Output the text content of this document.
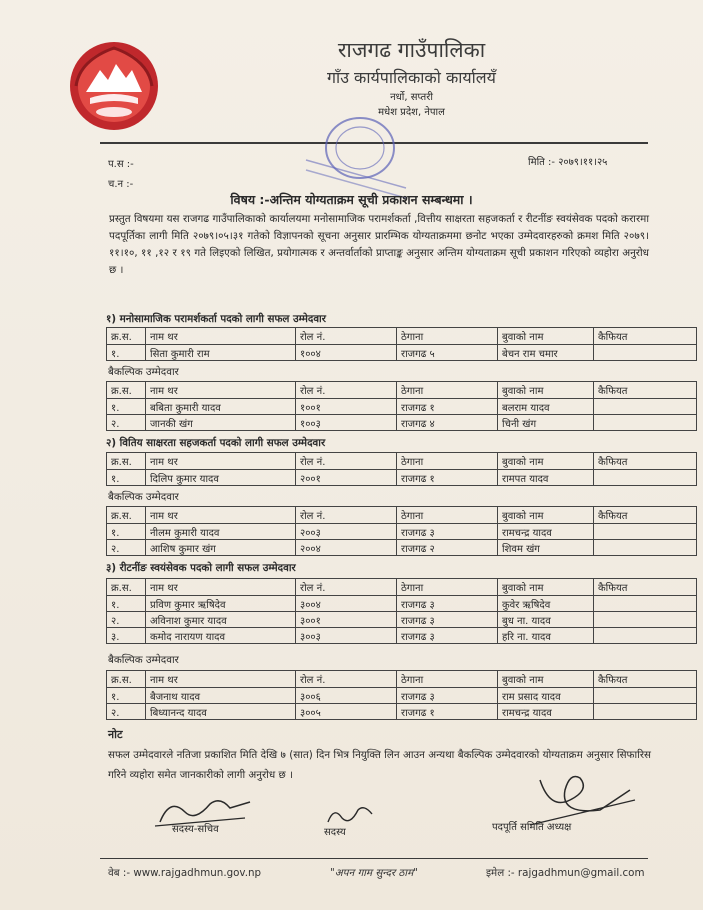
राजगढ गाउँपालिका
गाँउ कार्यपालिकाको कार्यालयँ
नर्धो, सप्तरी
मधेश प्रदेश, नेपाल
प.स :-
च.न :-
मिति :- २०७९।११।२५
विषय :-अन्तिम योग्यताक्रम सूची प्रकाशन सम्बन्धमा ।
प्रस्तुत विषयमा यस राजगढ गाउँपालिकाको कार्यालयमा मनोसामाजिक परामर्शकर्ता ,वित्तीय साक्षरता सहजकर्ता र रीटनींङ स्वयंसेवक पदको करारमा पदपूर्तिका लागी मिति २०७९।०५।३१ गतेको विज्ञापनको सूचना अनुसार प्रारम्भिक योग्यताक्रममा छनोट भएका उम्मेदवारहरुको क्रमश मिति २०७९।११।१०, ११ ,१२ र १९ गते लिइएको लिखित, प्रयोगात्मक र अन्तर्वार्ताको प्राप्ताङ्क अनुसार अन्तिम योग्यताक्रम सूची प्रकाशन गरिएको व्यहोरा अनुरोध छ ।
१) मनोसामाजिक परामर्शकर्ता पदको लागी सफल उम्मेदवार
क्र.स.	नाम थर	रोल नं.	ठेगाना	बुवाको नाम	कैफियत
१.	सिता कुमारी राम	१००४	राजगढ ५	बेचन राम चमार	
बैकल्पिक उम्मेदवार
क्र.स.	नाम थर	रोल नं.	ठेगाना	बुवाको नाम	कैफियत
१.	बबिता कुमारी यादव	१००१	राजगढ १	बलराम यादव	
२.	जानकी खंग	१००३	राजगढ ४	चिनी खंग	
२) वितिय साक्षरता सहजकर्ता पदको लागी सफल उम्मेदवार
क्र.स.	नाम थर	रोल नं.	ठेगाना	बुवाको नाम	कैफियत
१.	दिलिप कुमार यादव	२००१	राजगढ १	रामपत यादव	
बैकल्पिक उम्मेदवार
क्र.स.	नाम थर	रोल नं.	ठेगाना	बुवाको नाम	कैफियत
१.	नीलम कुमारी यादव	२००३	राजगढ ३	रामचन्द्र यादव	
२.	आशिष कुमार खंग	२००४	राजगढ २	शिवम खंग	
३) रीटनींङ स्वयंसेवक पदको लागी सफल उम्मेदवार
क्र.स.	नाम थर	रोल नं.	ठेगाना	बुवाको नाम	कैफियत
१.	प्रविण कुमार ऋषिदेव	३००४	राजगढ ३	कुवेर ऋषिदेव	
२.	अविनाश कुमार यादव	३००१	राजगढ ३	बुध ना. यादव	
३.	कमोद नारायण यादव	३००३	राजगढ ३	हरि ना. यादव	
बैकल्पिक उम्मेदवार
क्र.स.	नाम थर	रोल नं.	ठेगाना	बुवाको नाम	कैफियत
१.	बैजनाथ यादव	३००६	राजगढ ३	राम प्रसाद यादव	
२.	बिध्यानन्द यादव	३००५	राजगढ १	रामचन्द्र यादव	
नोट
सफल उम्मेदवारले नतिजा प्रकाशित मिति देखि ७ (सात) दिन भित्र नियुक्ति लिन आउन अन्यथा बैकल्पिक उम्मेदवारको योग्यताक्रम अनुसार सिफारिस गरिने व्यहोरा समेत जानकारीको लागी अनुरोध छ ।
सदस्य-सचिव	सदस्य	पदपूर्ति समिति अध्यक्ष
वेब :- www.rajgadhmun.gov.np	"अपन गाम सुन्दर ठाम"	इमेल :- rajgadhmun@gmail.com
